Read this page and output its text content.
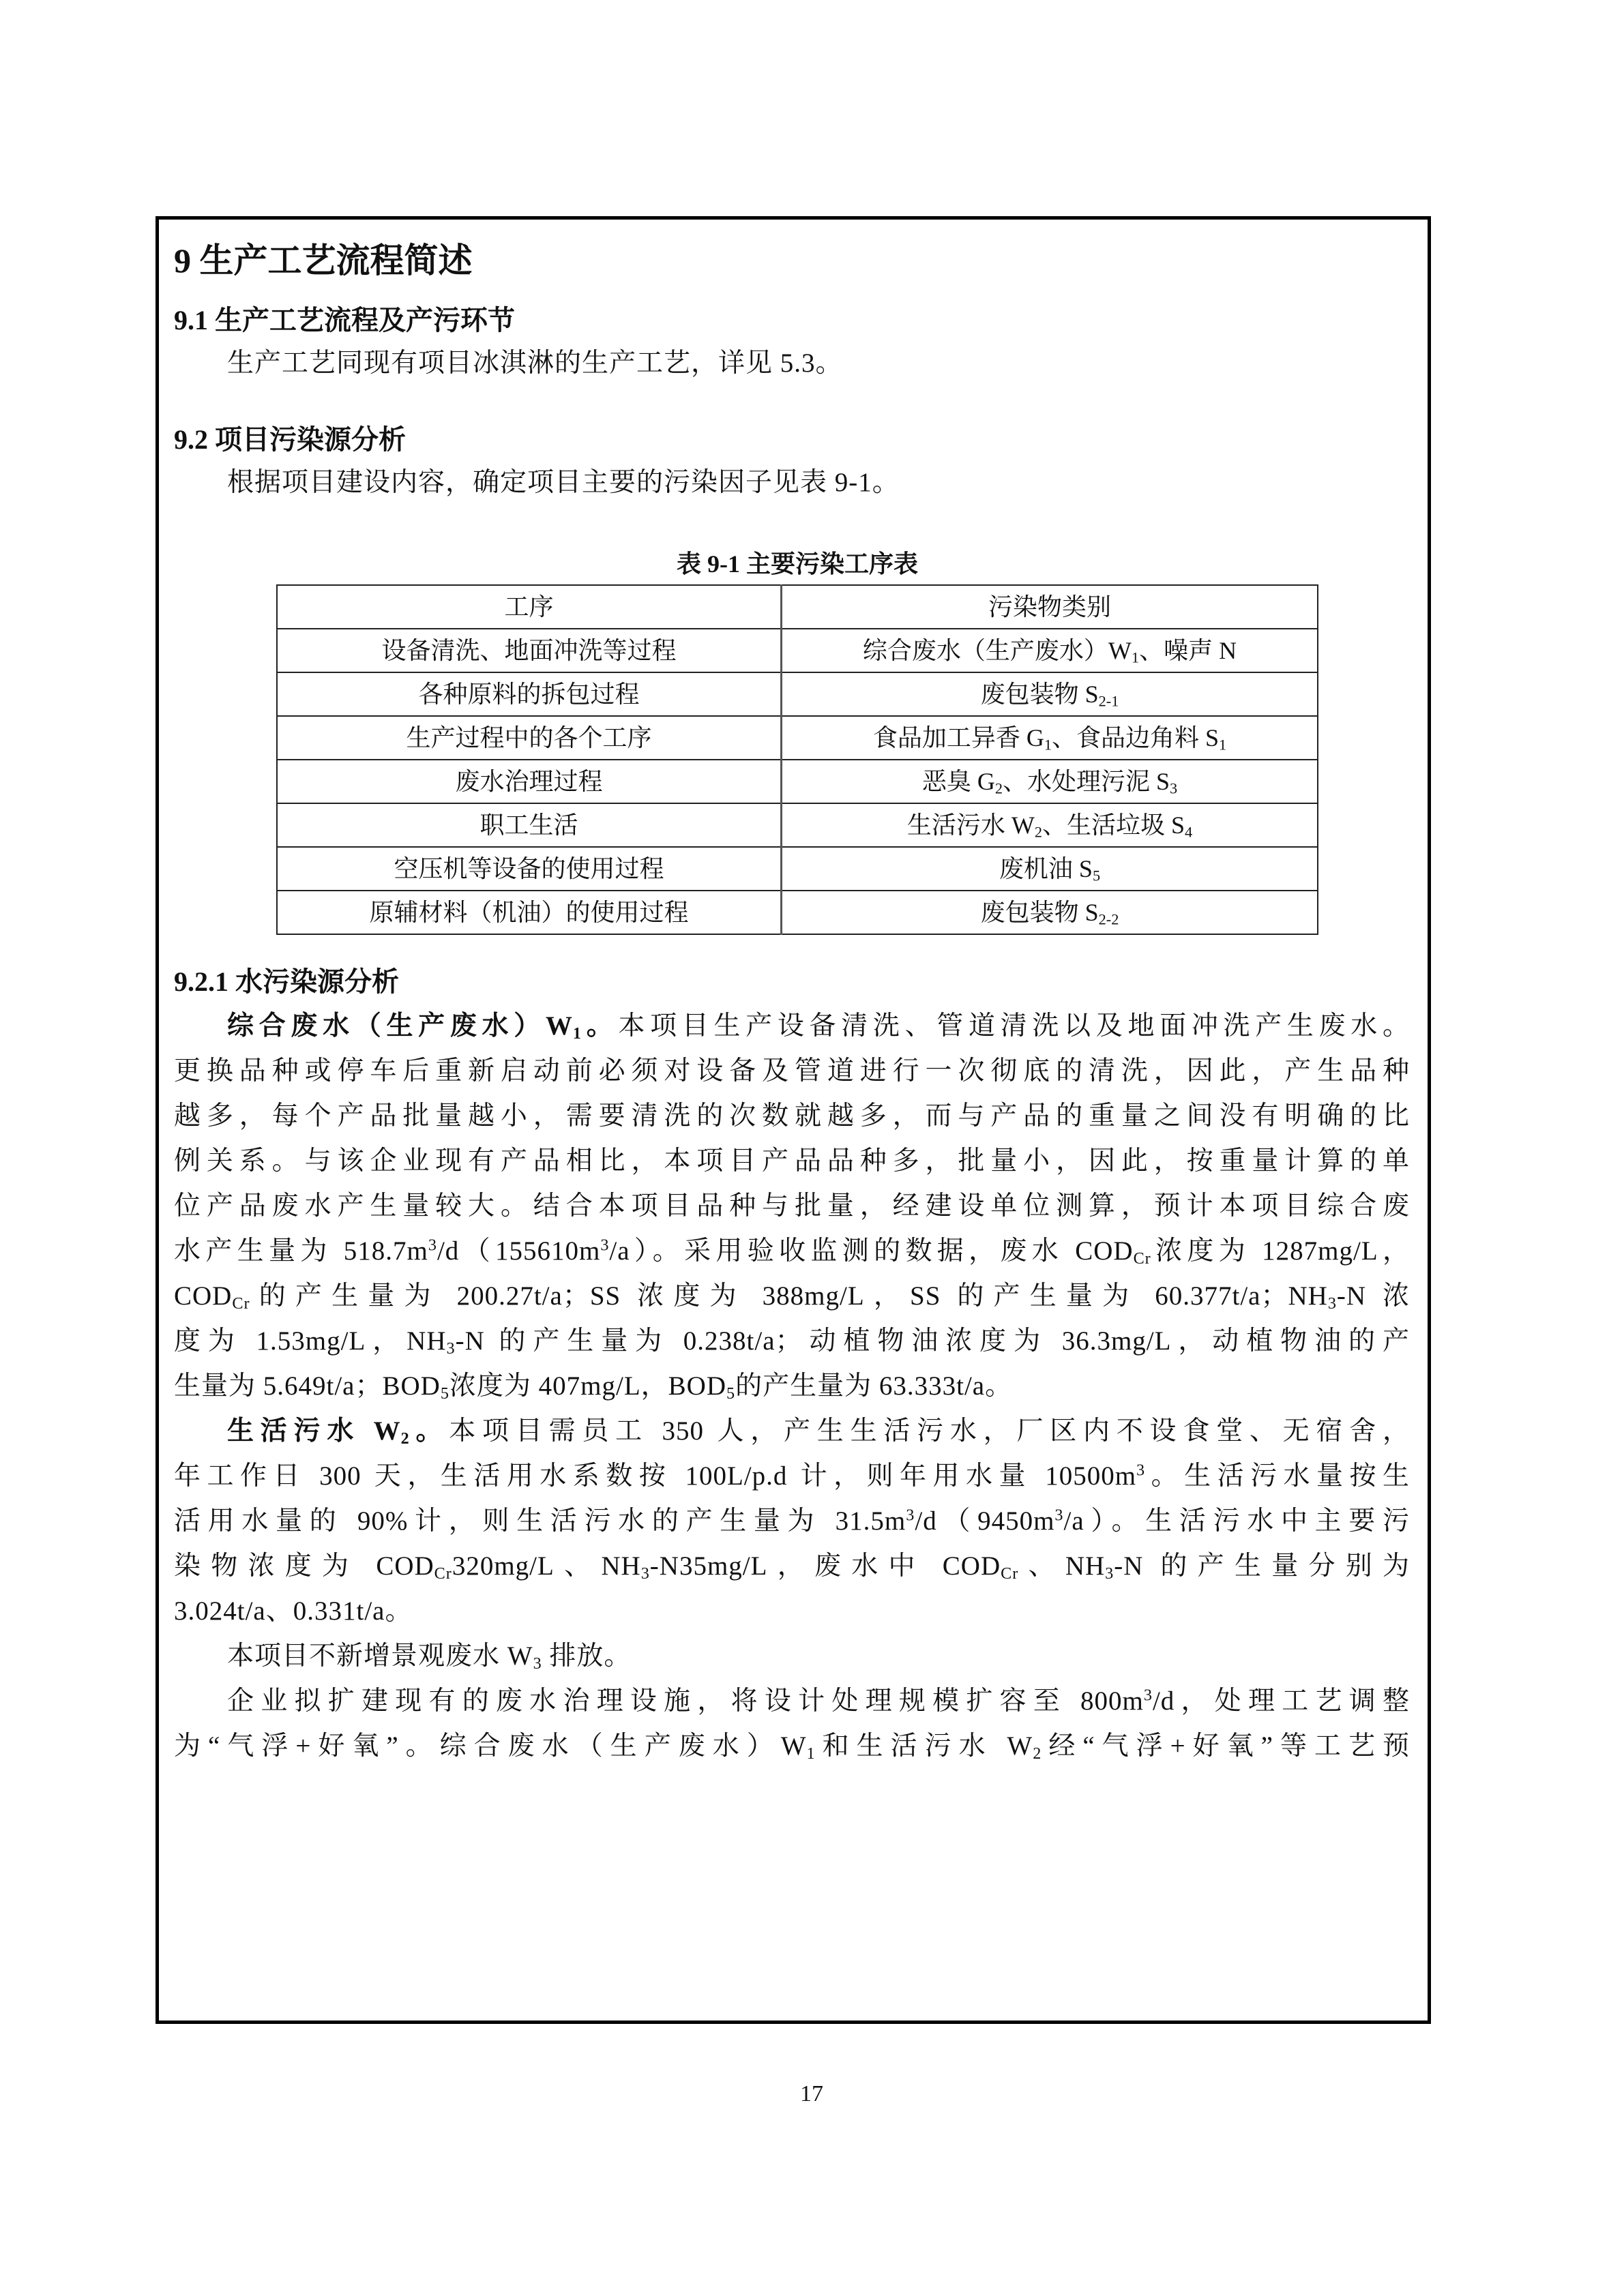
9 生产工艺流程简述
9.1 生产工艺流程及产污环节
生产工艺同现有项目冰淇淋的生产工艺，详见 5.3。
9.2 项目污染源分析
根据项目建设内容，确定项目主要的污染因子见表 9-1。
表 9-1 主要污染工序表
工序	污染物类别
设备清洗、地面冲洗等过程	综合废水（生产废水）$W_1$、噪声 N
各种原料的拆包过程	废包装物 $S_{2-1}$
生产过程中的各个工序	食品加工异香 $G_1$、食品边角料 $S_1$
废水治理过程	恶臭 $G_2$、水处理污泥 $S_3$
职工生活	生活污水 $W_2$、生活垃圾 $S_4$
空压机等设备的使用过程	废机油 $S_5$
原辅材料（机油）的使用过程	废包装物 $S_{2-2}$
9.2.1 水污染源分析
综合废水（生产废水）$W_1$。本项目生产设备清洗、管道清洗以及地面冲洗产生废水。
更换品种或停车后重新启动前必须对设备及管道进行一次彻底的清洗，因此，产生品种
越多，每个产品批量越小，需要清洗的次数就越多，而与产品的重量之间没有明确的比
例关系。与该企业现有产品相比，本项目产品品种多，批量小，因此，按重量计算的单
位产品废水产生量较大。结合本项目品种与批量，经建设单位测算，预计本项目综合废
水产生量为 $518.7m^3/d(155610m^3/a)$。采用验收监测的数据，废水 $COD_{Cr}$浓度为 1287mg/L，
$COD_{Cr}$的产生量为 200.27t/a；SS 浓度为 388mg/L，SS 的产生量为 60.377t/a；$NH_3-N$ 浓
度为 1.53mg/L，$NH_3-N$ 的产生量为 0.238t/a；动植物油浓度为 36.3mg/L，动植物油的产
生量为 5.649t/a；$BOD_5$浓度为 407mg/L，$BOD_5$的产生量为 63.333t/a。
生活污水 $W_2$。本项目需员工 350 人，产生生活污水，厂区内不设食堂、无宿舍，
年工作日 300 天，生活用水系数按 100L/p.d 计，则年用水量 $10500m^3$。生活污水量按生
活用水量的 90%计，则生活污水的产生量为 $31.5m^3/d(9450m^3/a)$。生活污水中主要污
染物浓度为 $COD_{Cr}320mg/L$、$NH_3-N35mg/L$，废水中 $COD_{Cr}$、$NH_3-N$ 的产生量分别为
3.024t/a、0.331t/a。
本项目不新增景观废水 $W_3$ 排放。
企业拟扩建现有的废水治理设施，将设计处理规模扩容至 $800m^3/d$，处理工艺调整
为“气浮+好氧”。综合废水（生产废水）$W_1$和生活污水 $W_2$经“气浮+好氧”等工艺预
17
